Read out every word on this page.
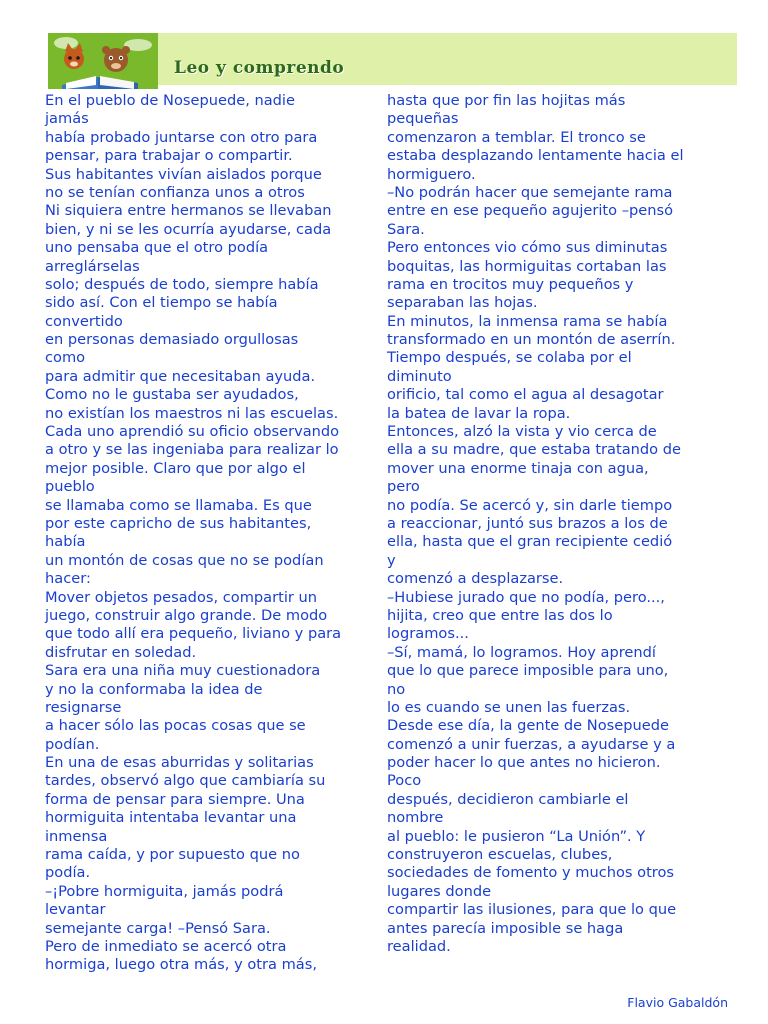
Leo y comprendo
En el pueblo de Nosepuede, nadie
jamás
había probado juntarse con otro para
pensar, para trabajar o compartir.
Sus habitantes vivían aislados porque
no se tenían confianza unos a otros
Ni siquiera entre hermanos se llevaban
bien, y ni se les ocurría ayudarse, cada
uno pensaba que el otro podía
arreglárselas
solo; después de todo, siempre había
sido así. Con el tiempo se había
convertido
en personas demasiado orgullosas
como
para admitir que necesitaban ayuda.
Como no le gustaba ser ayudados,
no existían los maestros ni las escuelas.
Cada uno aprendió su oficio observando
a otro y se las ingeniaba para realizar lo
mejor posible. Claro que por algo el
pueblo
se llamaba como se llamaba. Es que
por este capricho de sus habitantes,
había
un montón de cosas que no se podían
hacer:
Mover objetos pesados, compartir un
juego, construir algo grande. De modo
que todo allí era pequeño, liviano y para
disfrutar en soledad.
Sara era una niña muy cuestionadora
y no la conformaba la idea de
resignarse
a hacer sólo las pocas cosas que se
podían.
En una de esas aburridas y solitarias
tardes, observó algo que cambiaría su
forma de pensar para siempre. Una
hormiguita intentaba levantar una
inmensa
rama caída, y por supuesto que no
podía.
–¡Pobre hormiguita, jamás podrá
levantar
semejante carga! –Pensó Sara.
Pero de inmediato se acercó otra
hormiga, luego otra más, y otra más,
hasta que por fin las hojitas más
pequeñas
comenzaron a temblar. El tronco se
estaba desplazando lentamente hacia el
hormiguero.
–No podrán hacer que semejante rama
entre en ese pequeño agujerito –pensó
Sara.
Pero entonces vio cómo sus diminutas
boquitas, las hormiguitas cortaban las
rama en trocitos muy pequeños y
separaban las hojas.
En minutos, la inmensa rama se había
transformado en un montón de aserrín.
Tiempo después, se colaba por el
diminuto
orificio, tal como el agua al desagotar
la batea de lavar la ropa.
Entonces, alzó la vista y vio cerca de
ella a su madre, que estaba tratando de
mover una enorme tinaja con agua,
pero
no podía. Se acercó y, sin darle tiempo
a reaccionar, juntó sus brazos a los de
ella, hasta que el gran recipiente cedió
y
comenzó a desplazarse.
–Hubiese jurado que no podía, pero...,
hijita, creo que entre las dos lo
logramos...
–Sí, mamá, lo logramos. Hoy aprendí
que lo que parece imposible para uno,
no
lo es cuando se unen las fuerzas.
Desde ese día, la gente de Nosepuede
comenzó a unir fuerzas, a ayudarse y a
poder hacer lo que antes no hicieron.
Poco
después, decidieron cambiarle el
nombre
al pueblo: le pusieron “La Unión”. Y
construyeron escuelas, clubes,
sociedades de fomento y muchos otros
lugares donde
compartir las ilusiones, para que lo que
antes parecía imposible se haga
realidad.
Flavio Gabaldón
